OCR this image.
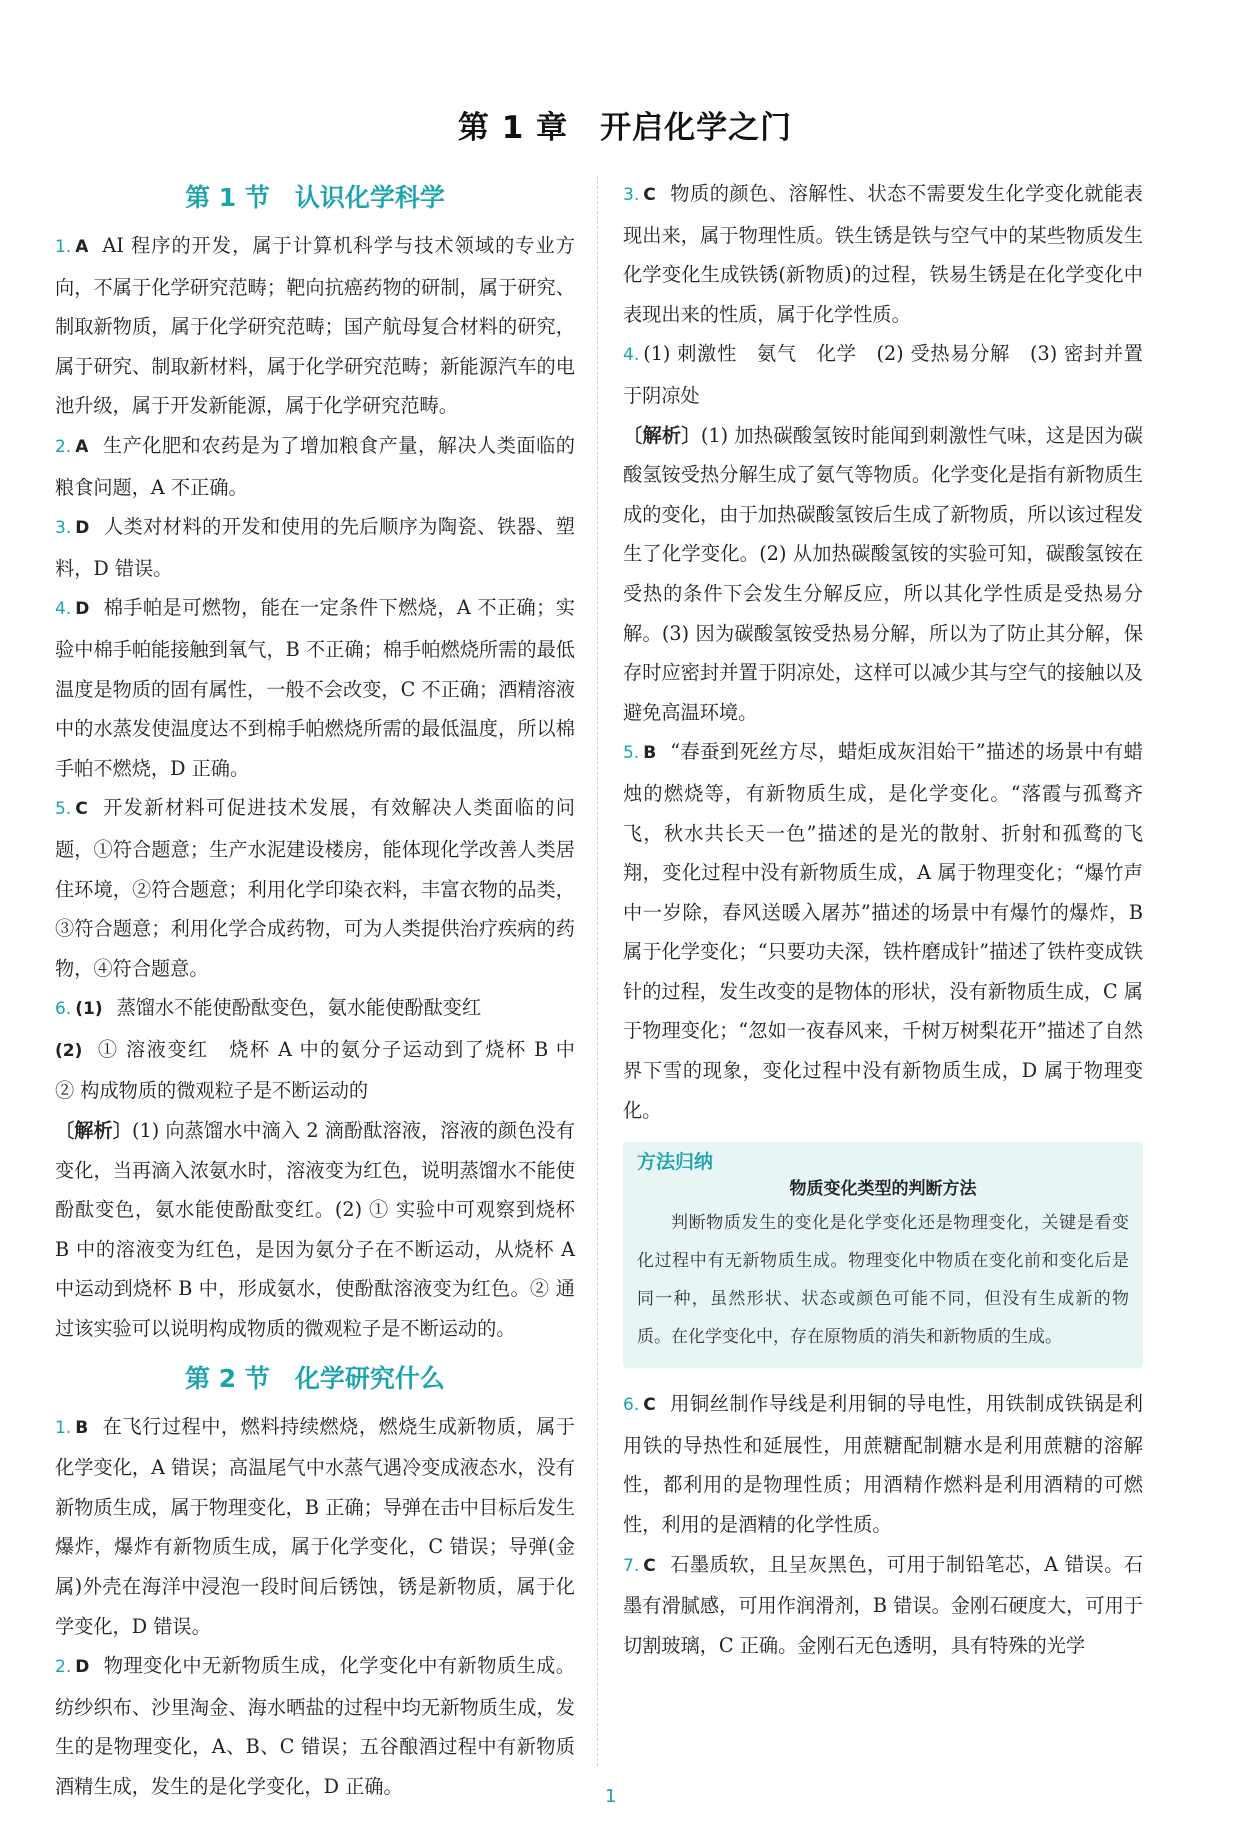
第 1 章　开启化学之门
第 1 节　认识化学科学

1. A AI 程序的开发，属于计算机科学与技术领域的专业方向，不属于化学研究范畴；靶向抗癌药物的研制，属于研究、制取新物质，属于化学研究范畴；国产航母复合材料的研究，属于研究、制取新材料，属于化学研究范畴；新能源汽车的电池升级，属于开发新能源，属于化学研究范畴。

2. A 生产化肥和农药是为了增加粮食产量，解决人类面临的粮食问题，A 不正确。

3. D 人类对材料的开发和使用的先后顺序为陶瓷、铁器、塑料，D 错误。

4. D 棉手帕是可燃物，能在一定条件下燃烧，A 不正确；实验中棉手帕能接触到氧气，B 不正确；棉手帕燃烧所需的最低温度是物质的固有属性，一般不会改变，C 不正确；酒精溶液中的水蒸发使温度达不到棉手帕燃烧所需的最低温度，所以棉手帕不燃烧，D 正确。

5. C 开发新材料可促进技术发展，有效解决人类面临的问题，①符合题意；生产水泥建设楼房，能体现化学改善人类居住环境，②符合题意；利用化学印染衣料，丰富衣物的品类，③符合题意；利用化学合成药物，可为人类提供治疗疾病的药物，④符合题意。

6. (1) 蒸馏水不能使酚酞变色，氨水能使酚酞变红

(2) ① 溶液变红　烧杯 A 中的氨分子运动到了烧杯 B 中　② 构成物质的微观粒子是不断运动的

〔解析〕(1) 向蒸馏水中滴入 2 滴酚酞溶液，溶液的颜色没有变化，当再滴入浓氨水时，溶液变为红色，说明蒸馏水不能使酚酞变色，氨水能使酚酞变红。(2) ① 实验中可观察到烧杯 B 中的溶液变为红色，是因为氨分子在不断运动，从烧杯 A 中运动到烧杯 B 中，形成氨水，使酚酞溶液变为红色。② 通过该实验可以说明构成物质的微观粒子是不断运动的。

第 2 节　化学研究什么

1. B 在飞行过程中，燃料持续燃烧，燃烧生成新物质，属于化学变化，A 错误；高温尾气中水蒸气遇冷变成液态水，没有新物质生成，属于物理变化，B 正确；导弹在击中目标后发生爆炸，爆炸有新物质生成，属于化学变化，C 错误；导弹(金属)外壳在海洋中浸泡一段时间后锈蚀，锈是新物质，属于化学变化，D 错误。

2. D 物理变化中无新物质生成，化学变化中有新物质生成。纺纱织布、沙里淘金、海水晒盐的过程中均无新物质生成，发生的是物理变化，A、B、C 错误；五谷酿酒过程中有新物质酒精生成，发生的是化学变化，D 正确。

3. C 物质的颜色、溶解性、状态不需要发生化学变化就能表现出来，属于物理性质。铁生锈是铁与空气中的某些物质发生化学变化生成铁锈(新物质)的过程，铁易生锈是在化学变化中表现出来的性质，属于化学性质。

4. (1) 刺激性　氨气　化学　(2) 受热易分解　(3) 密封并置于阴凉处

〔解析〕(1) 加热碳酸氢铵时能闻到刺激性气味，这是因为碳酸氢铵受热分解生成了氨气等物质。化学变化是指有新物质生成的变化，由于加热碳酸氢铵后生成了新物质，所以该过程发生了化学变化。(2) 从加热碳酸氢铵的实验可知，碳酸氢铵在受热的条件下会发生分解反应，所以其化学性质是受热易分解。(3) 因为碳酸氢铵受热易分解，所以为了防止其分解，保存时应密封并置于阴凉处，这样可以减少其与空气的接触以及避免高温环境。

5. B “春蚕到死丝方尽，蜡炬成灰泪始干”描述的场景中有蜡烛的燃烧等，有新物质生成，是化学变化。“落霞与孤鹜齐飞，秋水共长天一色”描述的是光的散射、折射和孤鹜的飞翔，变化过程中没有新物质生成，A 属于物理变化；“爆竹声中一岁除，春风送暖入屠苏”描述的场景中有爆竹的爆炸，B 属于化学变化；“只要功夫深，铁杵磨成针”描述了铁杵变成铁针的过程，发生改变的是物体的形状，没有新物质生成，C 属于物理变化；“忽如一夜春风来，千树万树梨花开”描述了自然界下雪的现象，变化过程中没有新物质生成，D 属于物理变化。

方法归纳
物质变化类型的判断方法
判断物质发生的变化是化学变化还是物理变化，关键是看变化过程中有无新物质生成。物理变化中物质在变化前和变化后是同一种，虽然形状、状态或颜色可能不同，但没有生成新的物质。在化学变化中，存在原物质的消失和新物质的生成。

6. C 用铜丝制作导线是利用铜的导电性，用铁制成铁锅是利用铁的导热性和延展性，用蔗糖配制糖水是利用蔗糖的溶解性，都利用的是物理性质；用酒精作燃料是利用酒精的可燃性，利用的是酒精的化学性质。

7. C 石墨质软，且呈灰黑色，可用于制铅笔芯，A 错误。石墨有滑腻感，可用作润滑剂，B 错误。金刚石硬度大，可用于切割玻璃，C 正确。金刚石无色透明，具有特殊的光学

1
